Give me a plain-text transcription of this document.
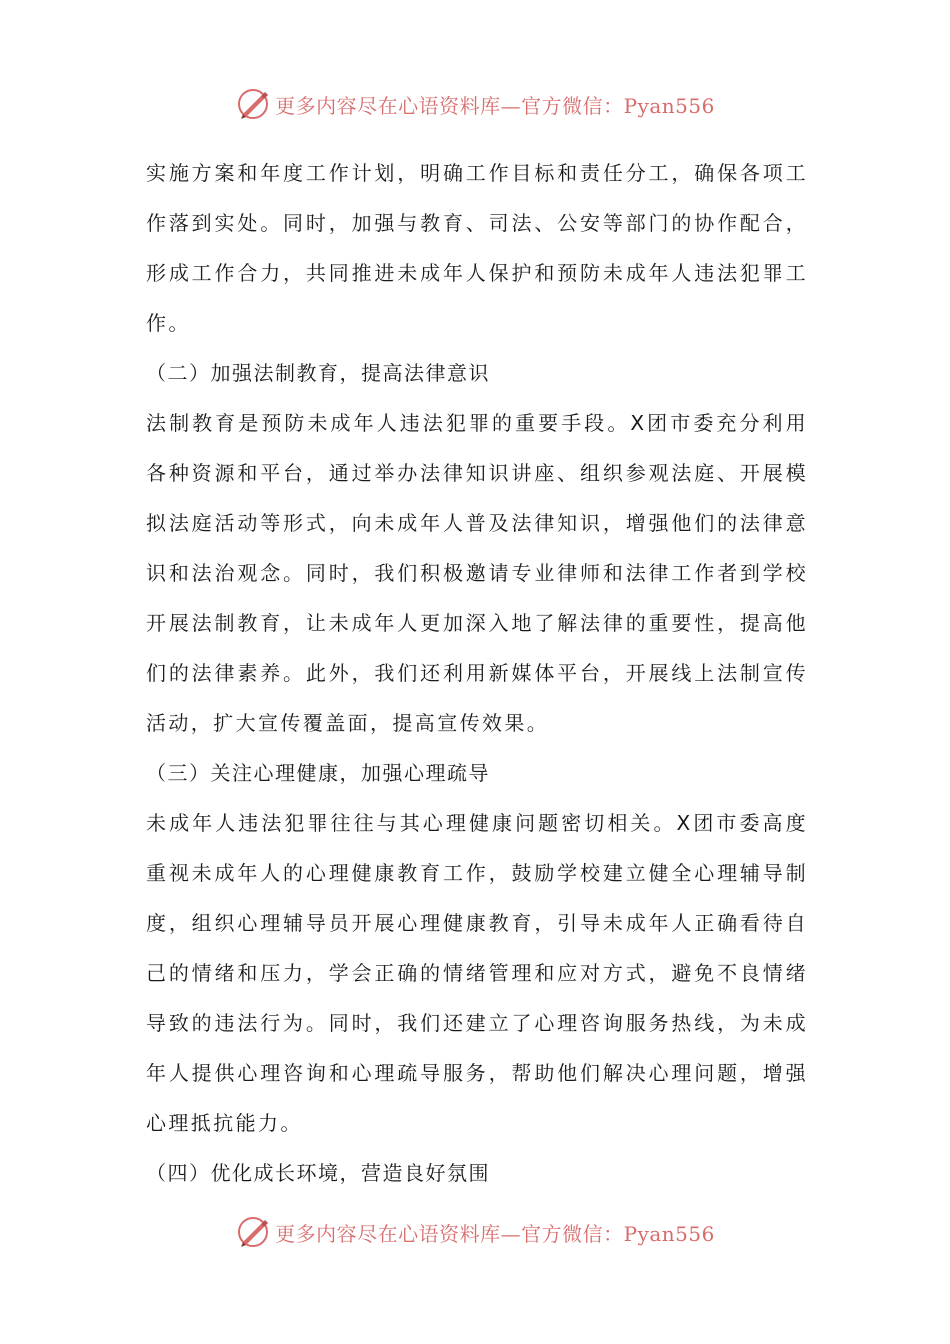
更多内容尽在心语资料库—官方微信：Pyan556

实施方案和年度工作计划，明确工作目标和责任分工，确保各项工作落到实处。同时，加强与教育、司法、公安等部门的协作配合，形成工作合力，共同推进未成年人保护和预防未成年人违法犯罪工作。

（二）加强法制教育，提高法律意识

法制教育是预防未成年人违法犯罪的重要手段。X团市委充分利用各种资源和平台，通过举办法律知识讲座、组织参观法庭、开展模拟法庭活动等形式，向未成年人普及法律知识，增强他们的法律意识和法治观念。同时，我们积极邀请专业律师和法律工作者到学校开展法制教育，让未成年人更加深入地了解法律的重要性，提高他们的法律素养。此外，我们还利用新媒体平台，开展线上法制宣传活动，扩大宣传覆盖面，提高宣传效果。

（三）关注心理健康，加强心理疏导

未成年人违法犯罪往往与其心理健康问题密切相关。X团市委高度重视未成年人的心理健康教育工作，鼓励学校建立健全心理辅导制度，组织心理辅导员开展心理健康教育，引导未成年人正确看待自己的情绪和压力，学会正确的情绪管理和应对方式，避免不良情绪导致的违法行为。同时，我们还建立了心理咨询服务热线，为未成年人提供心理咨询和心理疏导服务，帮助他们解决心理问题，增强心理抵抗能力。

（四）优化成长环境，营造良好氛围

更多内容尽在心语资料库—官方微信：Pyan556
